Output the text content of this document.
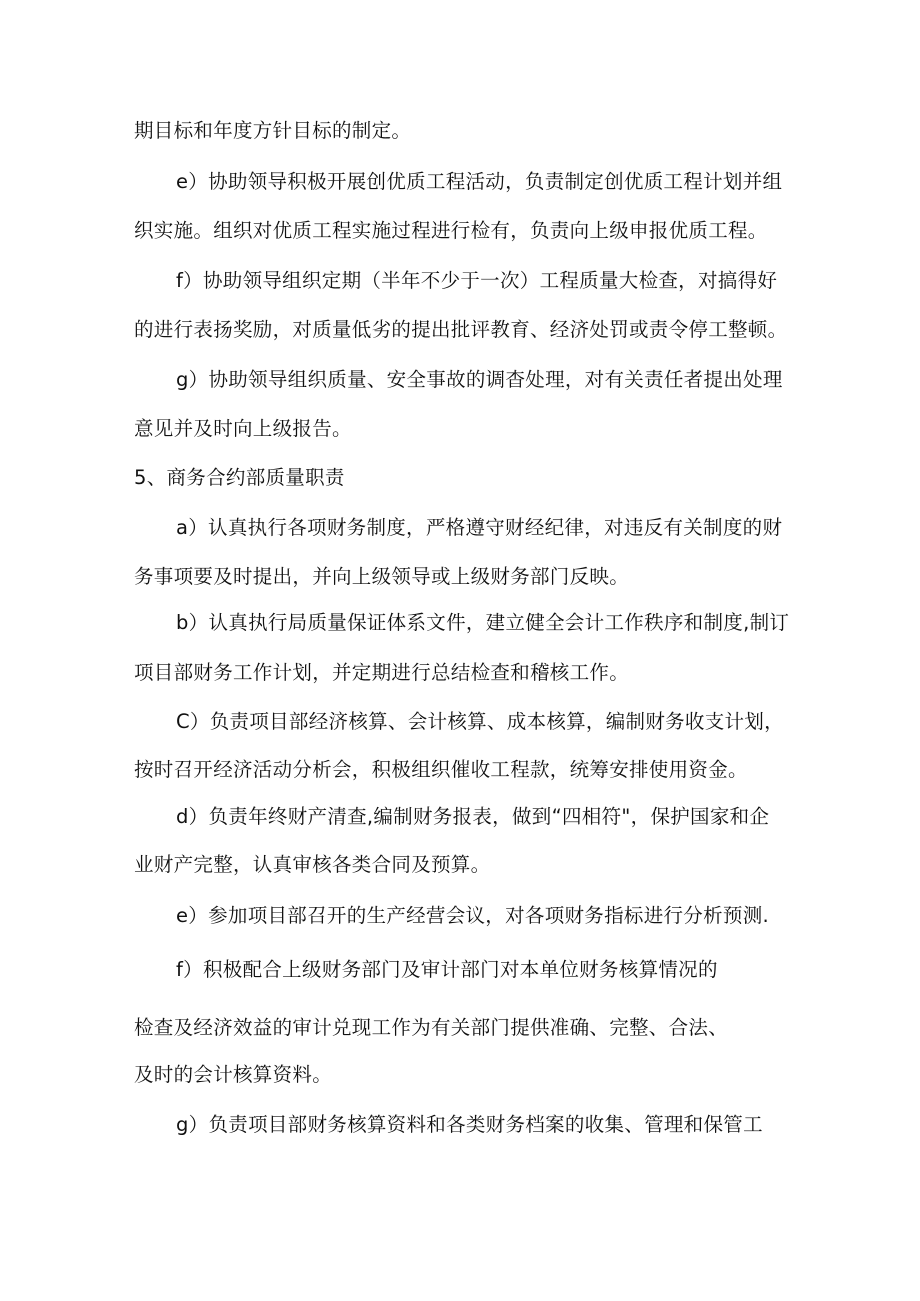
期目标和年度方针目标的制定。
e）协助领导积极开展创优质工程活动，负责制定创优质工程计划并组
织实施。组织对优质工程实施过程进行检有，负责向上级申报优质工程。
f）协助领导组织定期（半年不少于一次）工程质量大检查，对搞得好
的进行表扬奖励，对质量低劣的提出批评教育、经济处罚或责令停工整顿。
g）协助领导组织质量、安全事故的调杳处理，对有关责任者提出处理
意见并及时向上级报告。
5、商务合约部质量职责
a）认真执行各项财务制度，严格遵守财经纪律，对违反有关制度的财
务事项要及时提出，并向上级领导或上级财务部门反映。
b）认真执行局质量保证体系文件，建立健全会计工作秩序和制度,制订
项目部财务工作计划，并定期进行总结检查和稽核工作。
C）负责项目部经济核算、会计核算、成本核算，编制财务收支计划，
按时召开经济活动分析会，积极组织催收工程款，统筹安排使用资金。
d）负责年终财产清查,编制财务报表，做到“四相符"，保护国家和企
业财产完整，认真审核各类合同及预算。
e）参加项目部召开的生产经营会议，对各项财务指标进行分析预测.
f）积极配合上级财务部门及审计部门对本单位财务核算情况的
检查及经济效益的审计兑现工作为有关部门提供准确、完整、合法、
及时的会计核算资料。
g）负责项目部财务核算资料和各类财务档案的收集、管理和保管工
